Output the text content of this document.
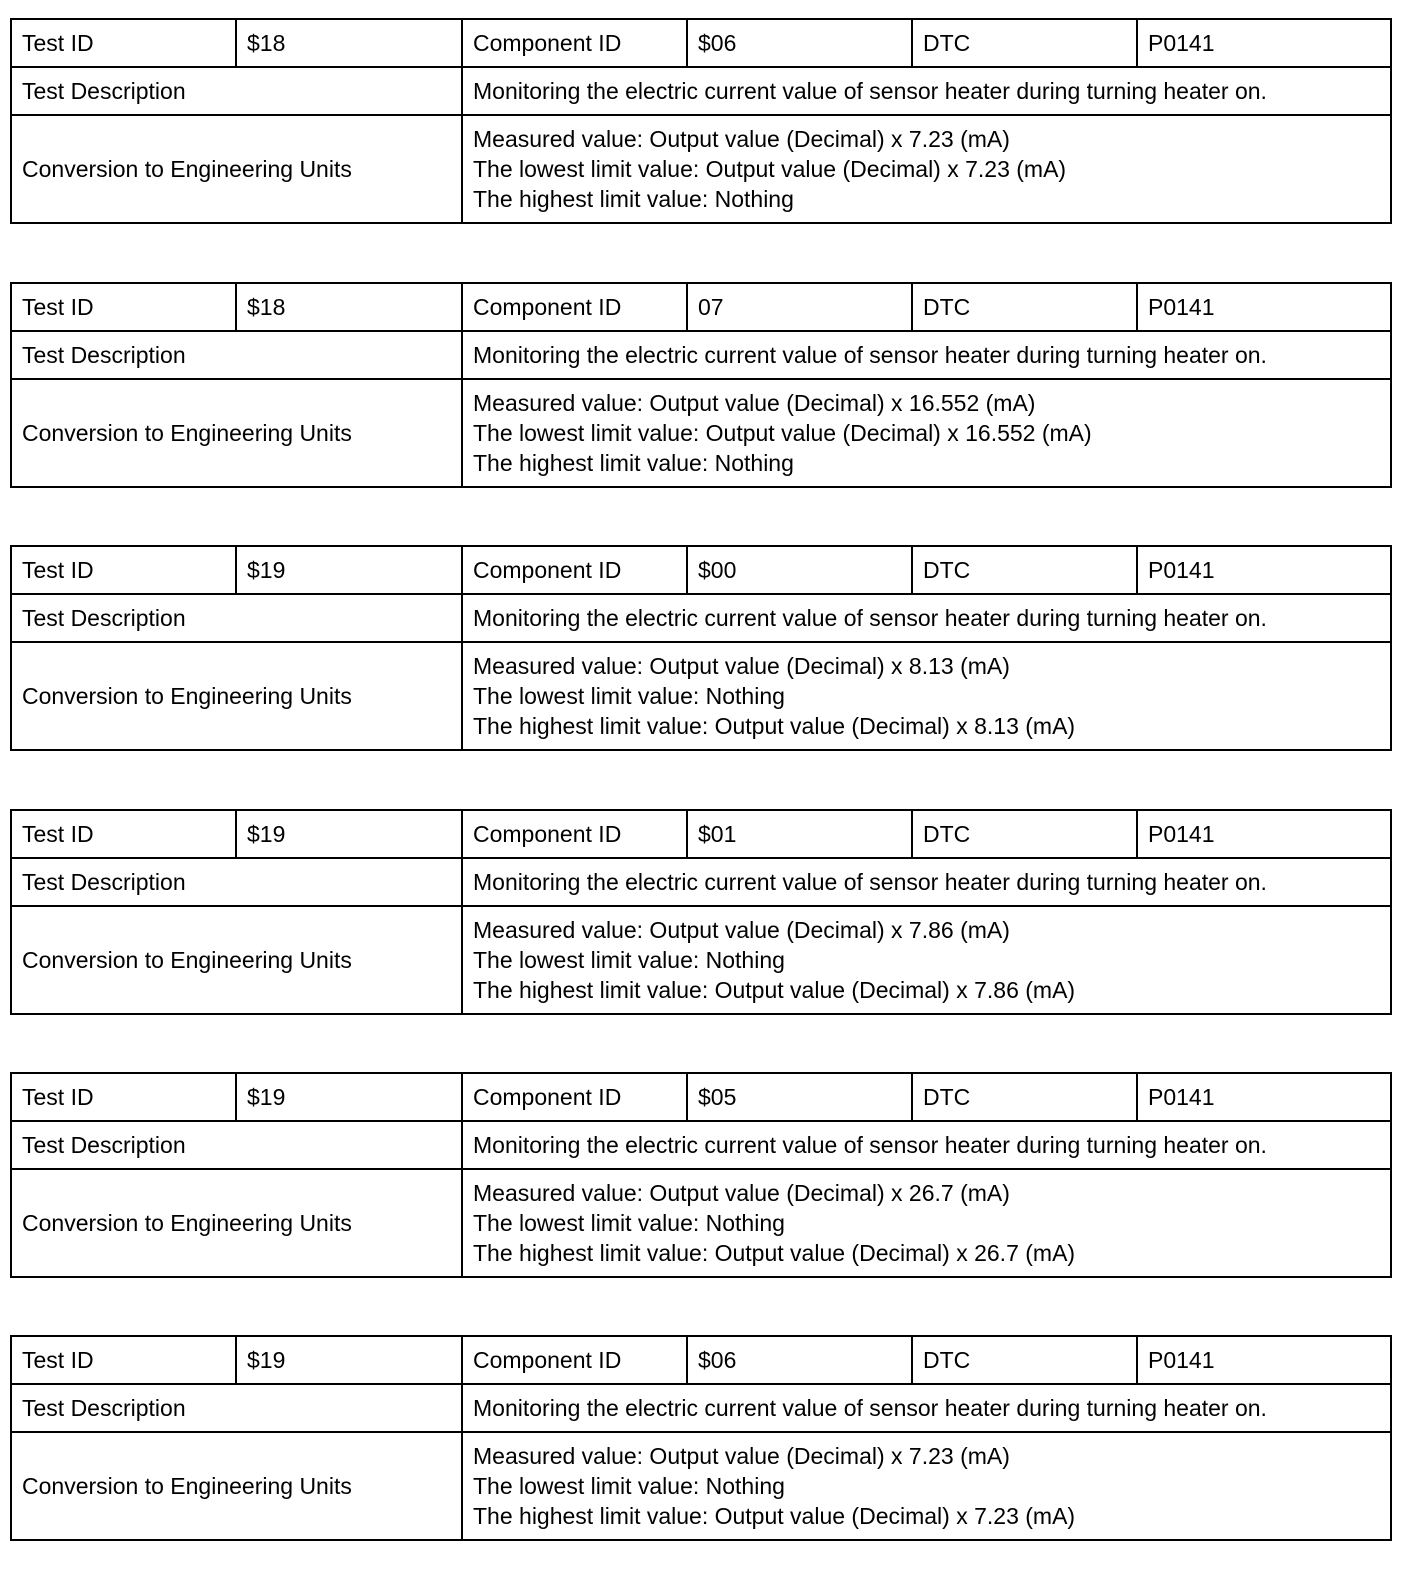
Test ID	$18	Component ID	$06	DTC	P0141
Test Description		Monitoring the electric current value of sensor heater during turning heater on.			
Conversion to Engineering Units		Measured value: Output value (Decimal) x 7.23 (mA)
The lowest limit value: Output value (Decimal) x 7.23 (mA)
The highest limit value: Nothing			
Test ID	$18	Component ID	07	DTC	P0141
Test Description		Monitoring the electric current value of sensor heater during turning heater on.			
Conversion to Engineering Units		Measured value: Output value (Decimal) x 16.552 (mA)
The lowest limit value: Output value (Decimal) x 16.552 (mA)
The highest limit value: Nothing			
Test ID	$19	Component ID	$00	DTC	P0141
Test Description		Monitoring the electric current value of sensor heater during turning heater on.			
Conversion to Engineering Units		Measured value: Output value (Decimal) x 8.13 (mA)
The lowest limit value: Nothing
The highest limit value: Output value (Decimal) x 8.13 (mA)			
Test ID	$19	Component ID	$01	DTC	P0141
Test Description		Monitoring the electric current value of sensor heater during turning heater on.			
Conversion to Engineering Units		Measured value: Output value (Decimal) x 7.86 (mA)
The lowest limit value: Nothing
The highest limit value: Output value (Decimal) x 7.86 (mA)			
Test ID	$19	Component ID	$05	DTC	P0141
Test Description		Monitoring the electric current value of sensor heater during turning heater on.			
Conversion to Engineering Units		Measured value: Output value (Decimal) x 26.7 (mA)
The lowest limit value: Nothing
The highest limit value: Output value (Decimal) x 26.7 (mA)			
Test ID	$19	Component ID	$06	DTC	P0141
Test Description		Monitoring the electric current value of sensor heater during turning heater on.			
Conversion to Engineering Units		Measured value: Output value (Decimal) x 7.23 (mA)
The lowest limit value: Nothing
The highest limit value: Output value (Decimal) x 7.23 (mA)			
